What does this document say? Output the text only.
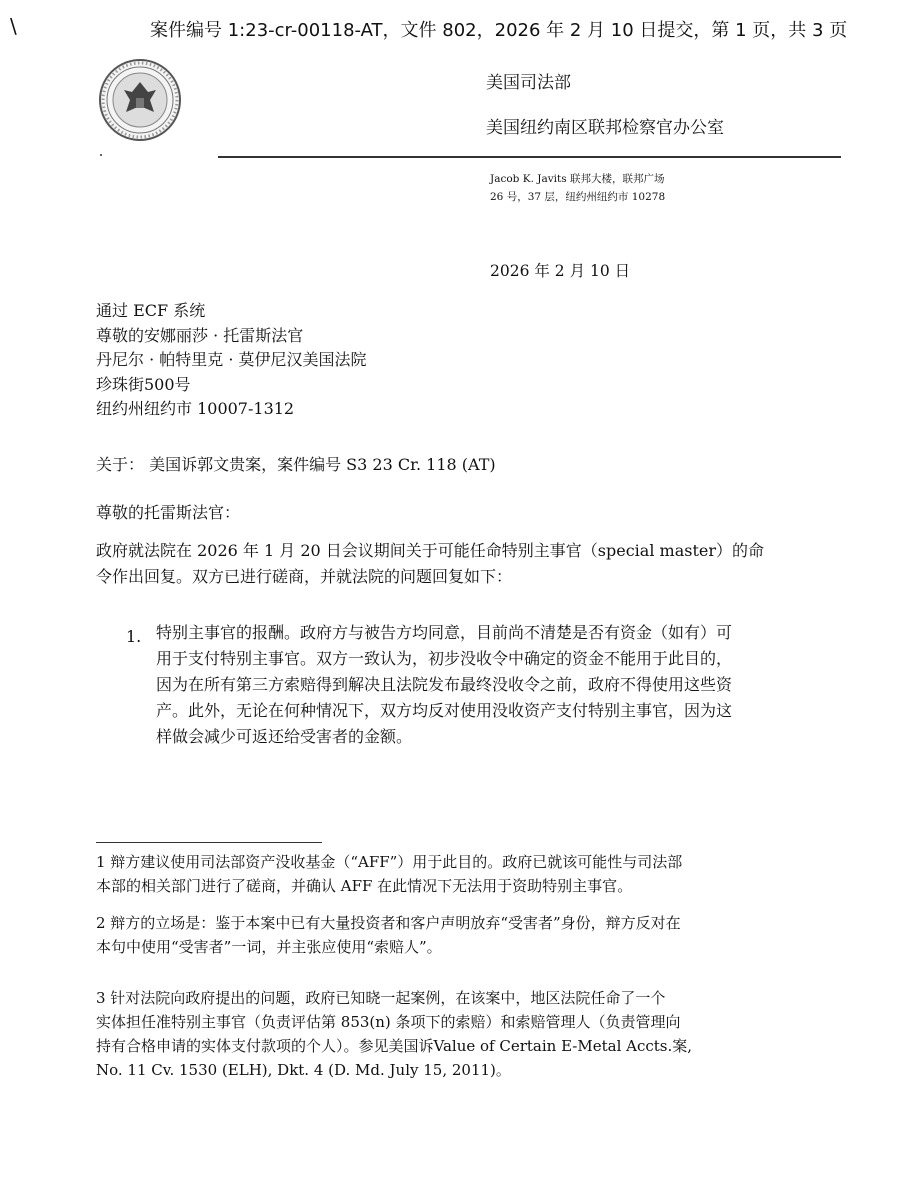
\	案件编号 1:23-cr-00118-AT，文件 802，2026 年 2 月 10 日提交，第 1 页，共 3 页
美国司法部
美国纽约南区联邦检察官办公室
Jacob K. Javits 联邦大楼，联邦广场
26 号，37 层，纽约州纽约市 10278
2026 年 2 月 10 日
通过 ECF 系统
尊敬的安娜丽莎 · 托雷斯法官
丹尼尔 · 帕特里克 · 莫伊尼汉美国法院
珍珠街500号
纽约州纽约市 10007-1312
关于： 美国诉郭文贵案，案件编号 S3 23 Cr. 118 (AT)
尊敬的托雷斯法官：
政府就法院在 2026 年 1 月 20 日会议期间关于可能任命特别主事官（special master）的命
令作出回复。双方已进行磋商，并就法院的问题回复如下：
1. 特别主事官的报酬。政府方与被告方均同意，目前尚不清楚是否有资金（如有）可
用于支付特别主事官。双方一致认为，初步没收令中确定的资金不能用于此目的，
因为在所有第三方索赔得到解决且法院发布最终没收令之前，政府不得使用这些资
产。此外，无论在何种情况下，双方均反对使用没收资产支付特别主事官，因为这
样做会减少可返还给受害者的金额。
1 辩方建议使用司法部资产没收基金（“AFF”）用于此目的。政府已就该可能性与司法部
本部的相关部门进行了磋商，并确认 AFF 在此情况下无法用于资助特别主事官。
2 辩方的立场是：鉴于本案中已有大量投资者和客户声明放弃“受害者”身份，辩方反对在
本句中使用“受害者”一词，并主张应使用“索赔人”。
3 针对法院向政府提出的问题，政府已知晓一起案例，在该案中，地区法院任命了一个
实体担任准特别主事官（负责评估第 853(n) 条项下的索赔）和索赔管理人（负责管理向
持有合格申请的实体支付款项的个人）。参见美国诉Value of Certain E-Metal Accts.案,
No. 11 Cv. 1530 (ELH), Dkt. 4 (D. Md. July 15, 2011)。
